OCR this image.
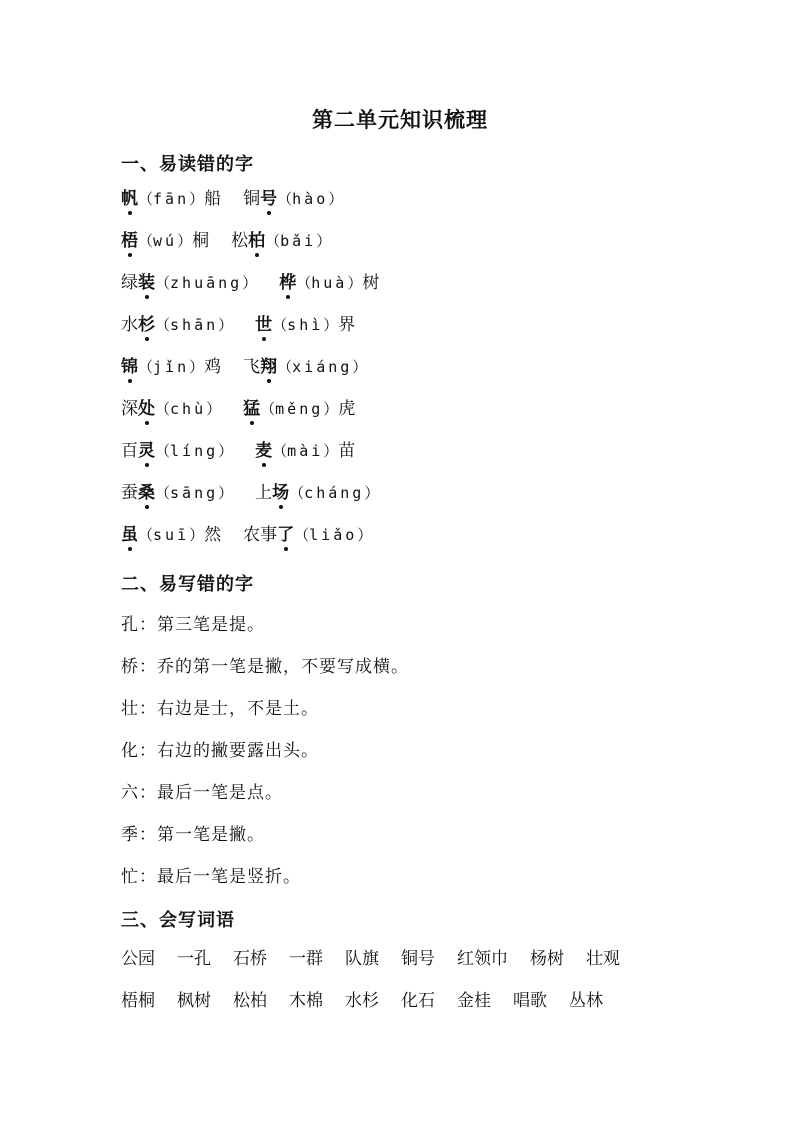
第二单元知识梳理
一、易读错的字
帆（fān）船 铜号（hào）
梧（wú）桐 松柏（bǎi）
绿装（zhuāng） 桦（huà）树
水杉（shān） 世（shì）界
锦（jǐn）鸡 飞翔（xiáng）
深处（chù） 猛（měng）虎
百灵（líng） 麦（mài）苗
蚕桑（sāng） 上场（cháng）
虽（suī）然 农事了（liǎo）
二、易写错的字
孔：第三笔是提。
桥：乔的第一笔是撇，不要写成横。
壮：右边是士，不是土。
化：右边的撇要露出头。
六：最后一笔是点。
季：第一笔是撇。
忙：最后一笔是竖折。
三、会写词语
公园 一孔 石桥 一群 队旗 铜号 红领巾 杨树 壮观
梧桐 枫树 松柏 木棉 水杉 化石 金桂 唱歌 丛林
